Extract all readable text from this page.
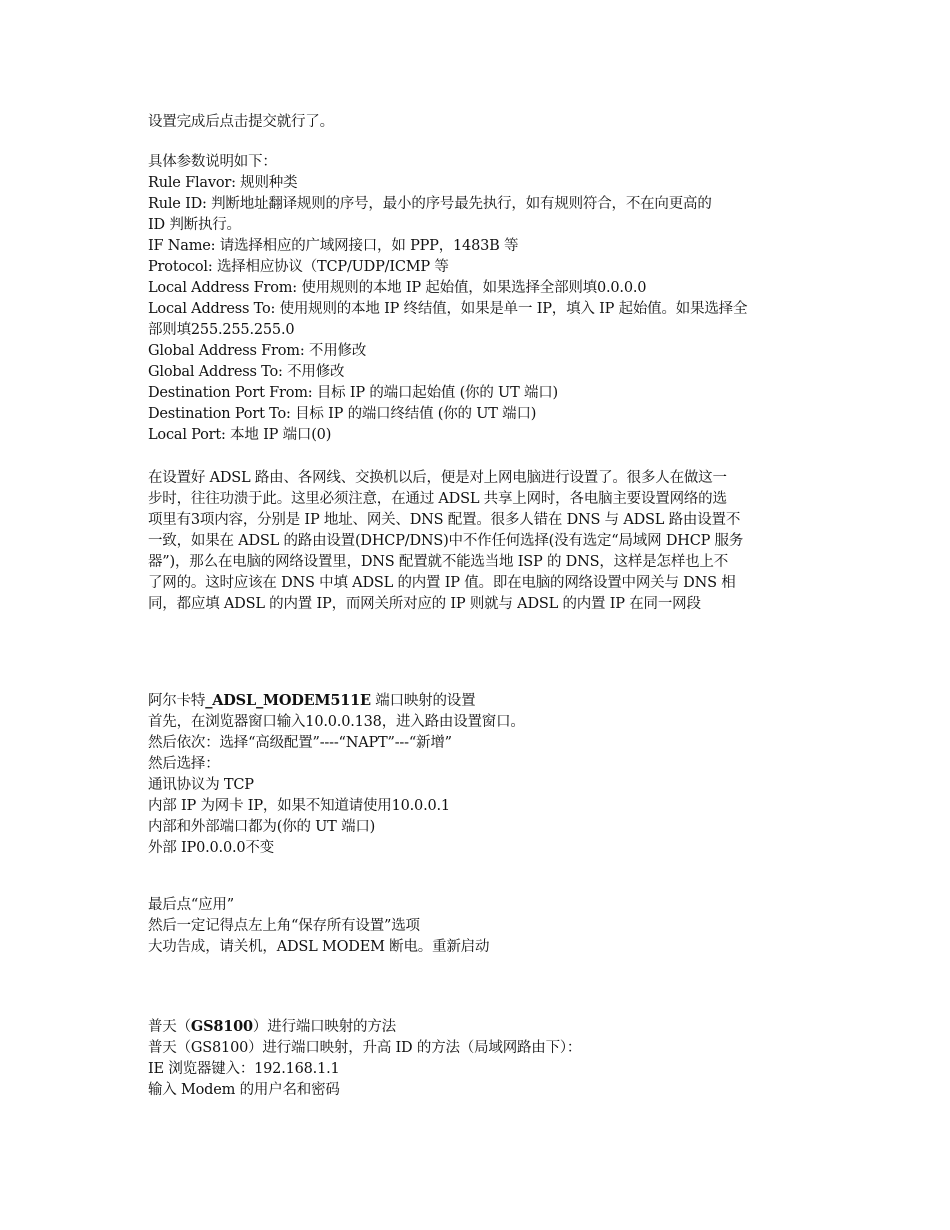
设置完成后点击提交就行了。
具体参数说明如下：
Rule Flavor: 规则种类
Rule ID: 判断地址翻译规则的序号，最小的序号最先执行，如有规则符合，不在向更高的
ID 判断执行。
IF Name: 请选择相应的广域网接口，如 PPP，1483B 等
Protocol: 选择相应协议（TCP/UDP/ICMP 等
Local Address From: 使用规则的本地 IP 起始值，如果选择全部则填0.0.0.0
Local Address To: 使用规则的本地 IP 终结值，如果是单一 IP，填入 IP 起始值。如果选择全
部则填255.255.255.0
Global Address From: 不用修改
Global Address To: 不用修改
Destination Port From: 目标 IP 的端口起始值 (你的 UT 端口)
Destination Port To: 目标 IP 的端口终结值 (你的 UT 端口)
Local Port: 本地 IP 端口(0)
在设置好 ADSL 路由、各网线、交换机以后，便是对上网电脑进行设置了。很多人在做这一
步时，往往功溃于此。这里必须注意，在通过 ADSL 共享上网时，各电脑主要设置网络的选
项里有3项内容，分别是 IP 地址、网关、DNS 配置。很多人错在 DNS 与 ADSL 路由设置不
一致，如果在 ADSL 的路由设置(DHCP/DNS)中不作任何选择(没有选定“局域网 DHCP 服务
器”)，那么在电脑的网络设置里，DNS 配置就不能选当地 ISP 的 DNS，这样是怎样也上不
了网的。这时应该在 DNS 中填 ADSL 的内置 IP 值。即在电脑的网络设置中网关与 DNS 相
同，都应填 ADSL 的内置 IP，而网关所对应的 IP 则就与 ADSL 的内置 IP 在同一网段
阿尔卡特_ADSL_MODEM511E 端口映射的设置
首先，在浏览器窗口输入10.0.0.138，进入路由设置窗口。
然后依次：选择“高级配置”----“NAPT”---“新增”
然后选择：
通讯协议为 TCP
内部 IP 为网卡 IP，如果不知道请使用10.0.0.1
内部和外部端口都为(你的 UT 端口)
外部 IP0.0.0.0不变
最后点“应用”
然后一定记得点左上角“保存所有设置”选项
大功告成，请关机，ADSL MODEM 断电。重新启动
普天（GS8100）进行端口映射的方法
普天（GS8100）进行端口映射，升高 ID 的方法（局域网路由下）：
IE 浏览器键入：192.168.1.1
输入 Modem 的用户名和密码
